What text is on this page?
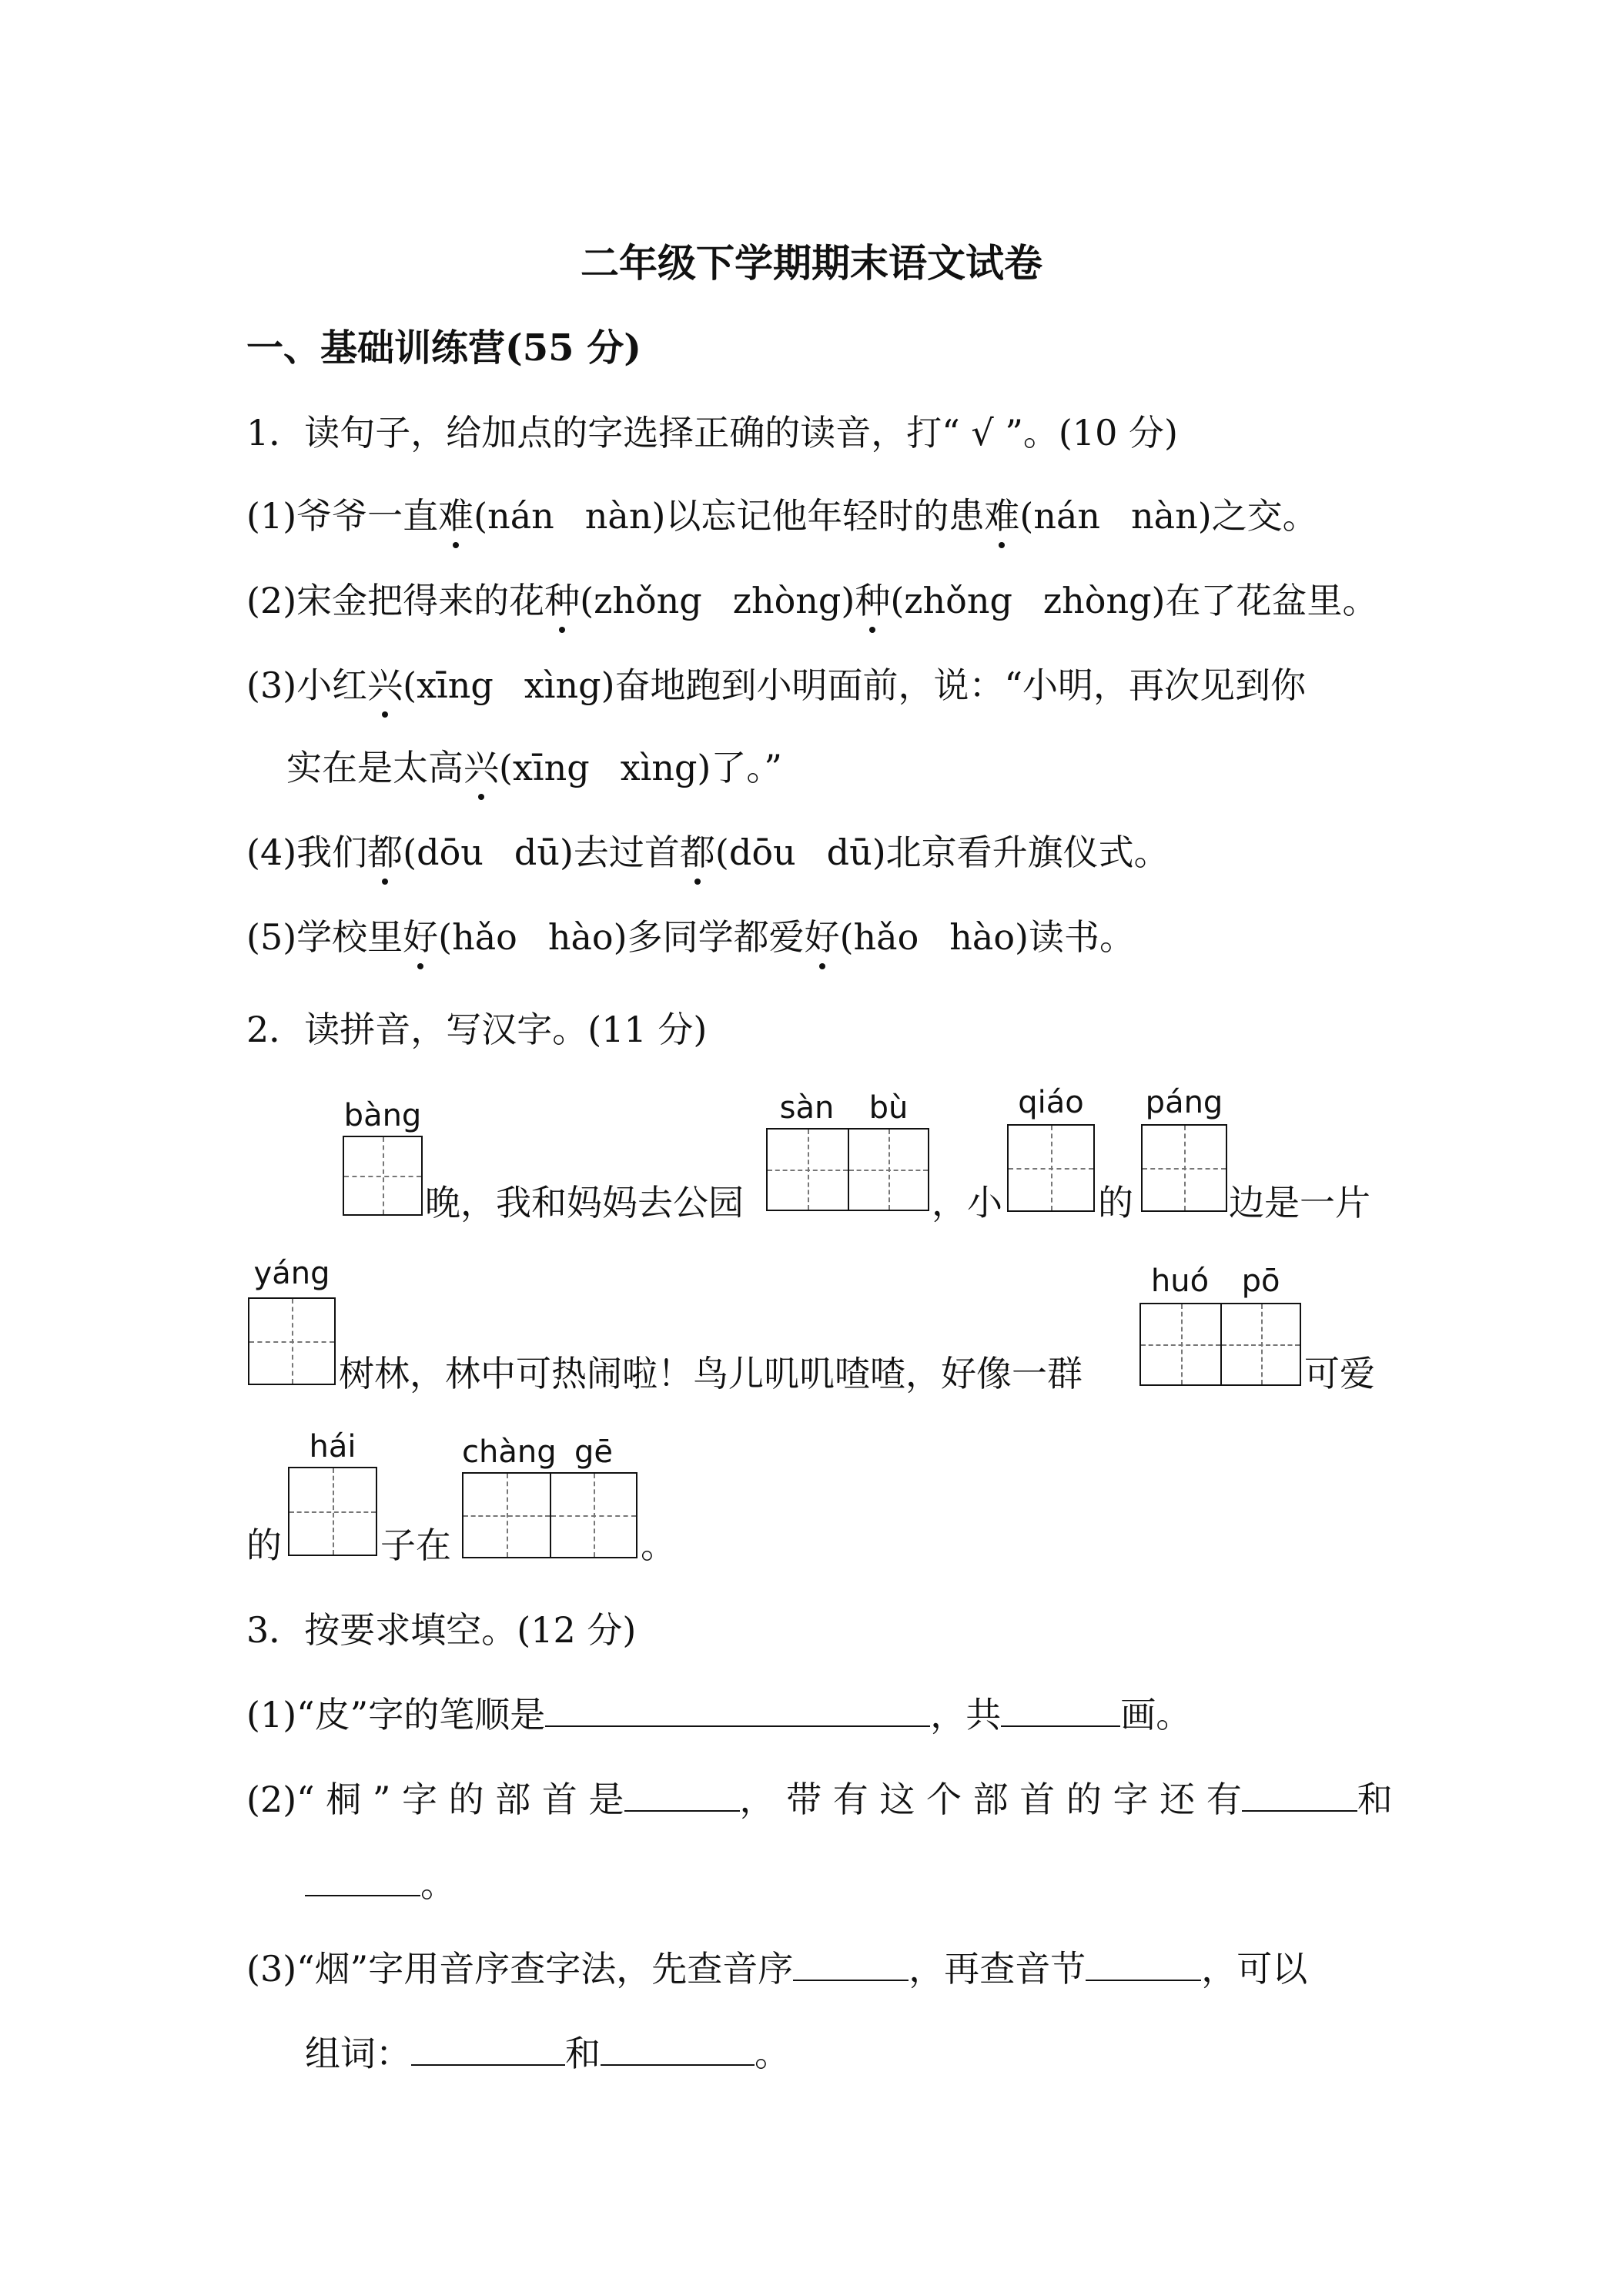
二年级下学期期末语文试卷
一、基础训练营(55 分)
1．读句子，给加点的字选择正确的读音，打“ √ ”。(10 分)
(1)爷爷一直难(nán nàn)以忘记他年轻时的患难(nán nàn)之交。
(2)宋金把得来的花种(zhǒng zhòng)种(zhǒng zhòng)在了花盆里。
(3)小红兴(xīng xìng)奋地跑到小明面前，说：“小明，再次见到你
实在是太高兴(xīng xìng)了。”
(4)我们都(dōu dū)去过首都(dōu dū)北京看升旗仪式。
(5)学校里好(hǎo hào)多同学都爱好(hǎo hào)读书。
2．读拼音，写汉字。(11 分)
bàng
晚，我和妈妈去公园
sàn	bù
，小
qiáo
的
páng
边是一片
yáng
树林，林中可热闹啦！鸟儿叽叽喳喳，好像一群
huó	pō
可爱
的
hái
子在
chàng gē
。
3．按要求填空。(12 分)
(1)“皮”字的笔顺是	，共	画。
(2)“ 桐 ” 字 的 部 首 是	， 带 有 这 个 部 首 的 字 还 有	和
。
(3)“烟”字用音序查字法，先查音序	，再查音节	，可以
组词：	和	。
